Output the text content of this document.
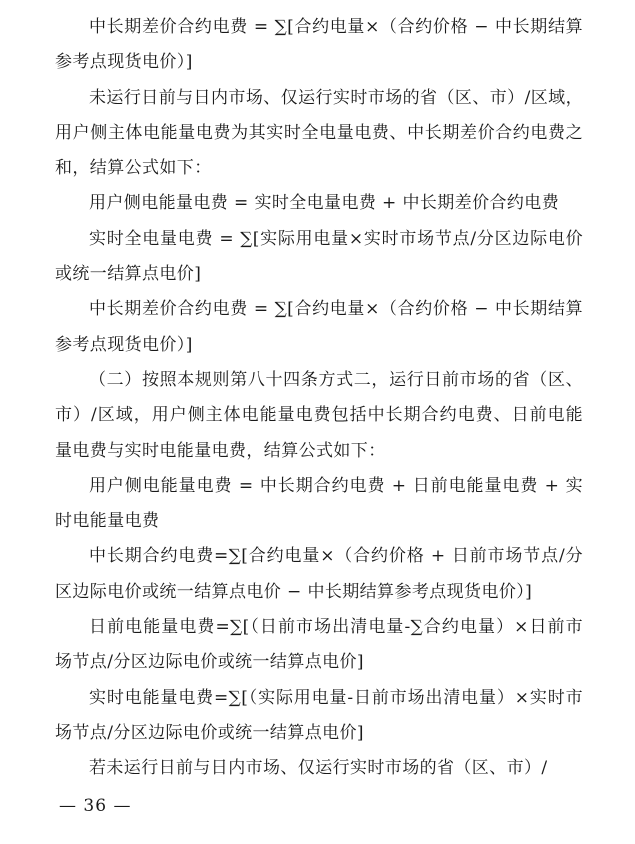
中长期差价合约电费 = ∑[合约电量×（合约价格 − 中长期结算参考点现货电价）]

未运行日前与日内市场、仅运行实时市场的省（区、市）/区域，用户侧主体电能量电费为其实时全电量电费、中长期差价合约电费之和，结算公式如下：

用户侧电能量电费 = 实时全电量电费 + 中长期差价合约电费

实时全电量电费 = ∑[实际用电量×实时市场节点/分区边际电价或统一结算点电价]

中长期差价合约电费 = ∑[合约电量×（合约价格 − 中长期结算参考点现货电价）]

（二）按照本规则第八十四条方式二，运行日前市场的省（区、市）/区域，用户侧主体电能量电费包括中长期合约电费、日前电能量电费与实时电能量电费，结算公式如下：

用户侧电能量电费 = 中长期合约电费 + 日前电能量电费 + 实时电能量电费

中长期合约电费=∑[合约电量×（合约价格 + 日前市场节点/分区边际电价或统一结算点电价 − 中长期结算参考点现货电价）]

日前电能量电费=∑[（日前市场出清电量-∑合约电量）×日前市场节点/分区边际电价或统一结算点电价]

实时电能量电费=∑[（实际用电量-日前市场出清电量）×实时市场节点/分区边际电价或统一结算点电价]

若未运行日前与日内市场、仅运行实时市场的省（区、市）/

— 36 —
